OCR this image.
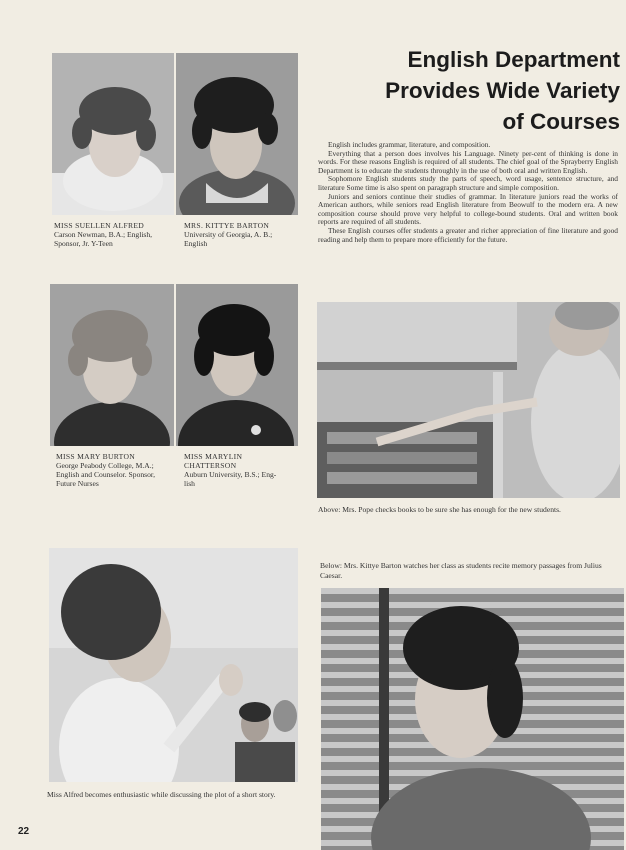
English Department
Provides Wide Variety
of Courses

English includes grammar, literature, and composition.

Everything that a person does involves his Language. Ninety per-cent of thinking is done in words. For these reasons English is required of all students. The chief goal of the Sprayberry English Department is to educate the students throughly in the use of both oral and written English.

Sophomore English students study the parts of speech, word usage, sentence structure, and literature Some time is also spent on paragraph structure and simple composition.

Juniors and seniors continue their studies of grammar. In literature juniors read the works of American authors, while seniors read English literature from Beowulf to the modern era. A new composition course should prove very helpful to college-bound students. Oral and written book reports are required of all students.

These English courses offer students a greater and richer appreciation of fine literature and good reading and help them to prepare more efficiently for the future.

MISS SUELLEN ALFRED
Carson Newman, B.A.; English,
Sponsor, Jr. Y-Teen
MRS. KITTYE BARTON
University of Georgia, A. B.;
English
MISS MARY BURTON
George Peabody College, M.A.;
English and Counselor. Sponsor,
Future Nurses
MISS MARYLIN CHATTERSON
Auburn University, B.S.; Eng-
lish
Above: Mrs. Pope checks books to be sure she has enough for the new students.
Below: Mrs. Kittye Barton watches her class as students recite memory passages from Julius Caesar.
Miss Alfred becomes enthusiastic while discussing the plot of a short story.
22
